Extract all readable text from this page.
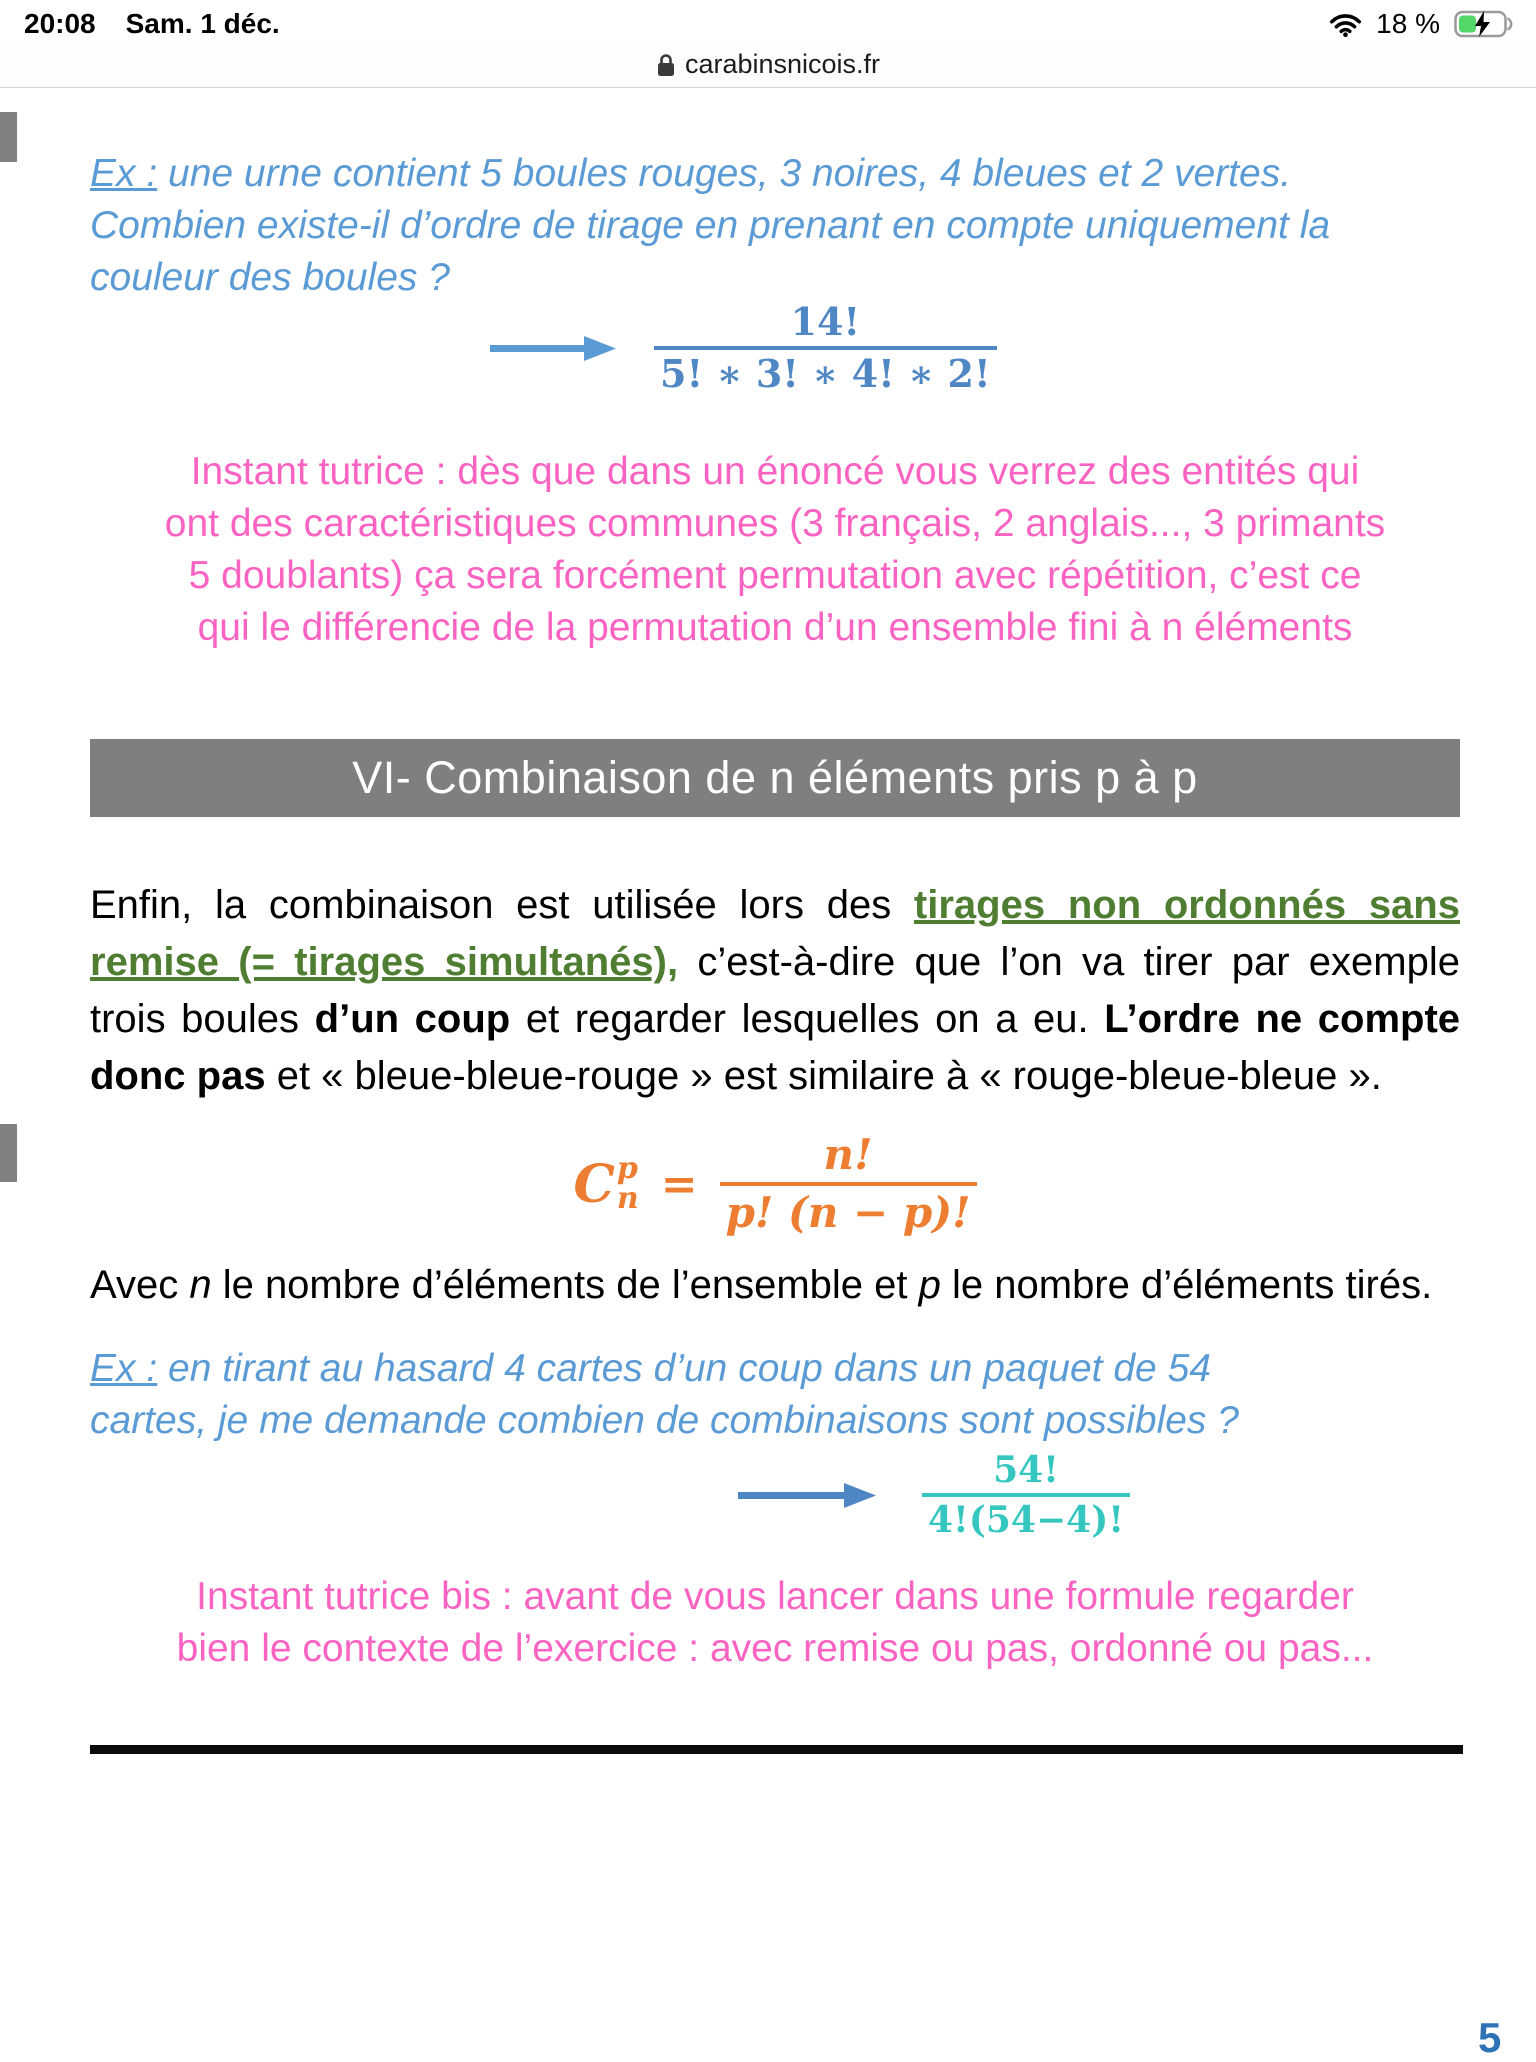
20:08 Sam. 1 déc.	18 %
carabinsnicois.fr
Ex : une urne contient 5 boules rouges, 3 noires, 4 bleues et 2 vertes.
Combien existe-il d’ordre de tirage en prenant en compte uniquement la
couleur des boules ?
$\frac{14!}{5! ∗ 3! ∗ 4! ∗ 2!}$
Instant tutrice : dès que dans un énoncé vous verrez des entités qui
ont des caractéristiques communes (3 français, 2 anglais..., 3 primants
5 doublants) ça sera forcément permutation avec répétition, c’est ce
qui le différencie de la permutation d’un ensemble fini à n éléments
VI- Combinaison de n éléments pris p à p

Enfin, la combinaison est utilisée lors des tirages non ordonnés sans remise (= tirages simultanés), c’est-à-dire que l’on va tirer par exemple trois boules d’un coup et regarder lesquelles on a eu. L’ordre ne compte donc pas et « bleue-bleue-rouge » est similaire à « rouge-bleue-bleue ».

C p
$n = \frac{n!}{p! (n - p)!}$

Avec n le nombre d’éléments de l’ensemble et p le nombre d’éléments tirés.

Ex : en tirant au hasard 4 cartes d’un coup dans un paquet de 54
cartes, je me demande combien de combinaisons sont possibles ?
$\frac{54!}{4!(54-4)!}$
Instant tutrice bis : avant de vous lancer dans une formule regarder
bien le contexte de l’exercice : avec remise ou pas, ordonné ou pas...
5
